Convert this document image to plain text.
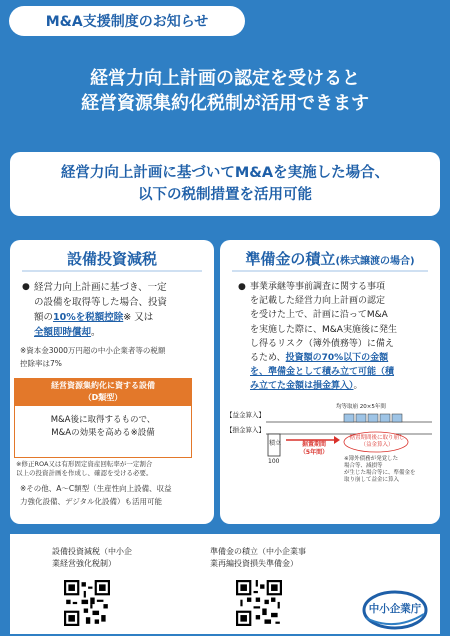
M&A支援制度のお知らせ
経営力向上計画の認定を受けると
経営資源集約化税制が活用できます
経営力向上計画に基づいてM&Aを実施した場合、
以下の税制措置を活用可能
設備投資減税
● 経営力向上計画に基づき、一定
の設備を取得等した場合、投資
額の10%を税額控除※ 又は
全額即時償却。
※資本金3000万円超の中小企業者等の税額
控除率は7%
経営資源集約化に資する設備
（D類型）
M&A後に取得するもので、
M&Aの効果を高める※設備
※修正ROA又は有形固定資産回転率が一定割合
以上の投資計画を作成し、確認を受ける必要。
※その他、A〜C類型（生産性向上設備、収益
力強化設備、デジタル化設備）も活用可能
準備金の積立(株式譲渡の場合)
● 事業承継等事前調査に関する事項
を記載した経営力向上計画の認定
を受けた上で、計画に沿ってM&A
を実施した際に、M&A実施後に発生
し得るリスク（簿外債務等）に備え
るため、投資額の70%以下の金額
を、準備金として積み立て可能（積
み立てた金額は損金算入）。
【益金算入】
【損金算入】
均等取崩 20×5年間
積立
100
据置期間
（5年間）
据置期間後に取り崩し
（益金算入）
※簿外債務が発覚した
場合等、減損等
が生じた場合等に、準備金を
取り崩して益金に算入
設備投資減税（中小企
業経営強化税制）
準備金の積立（中小企業事
業再編投資損失準備金）
中小企業庁
